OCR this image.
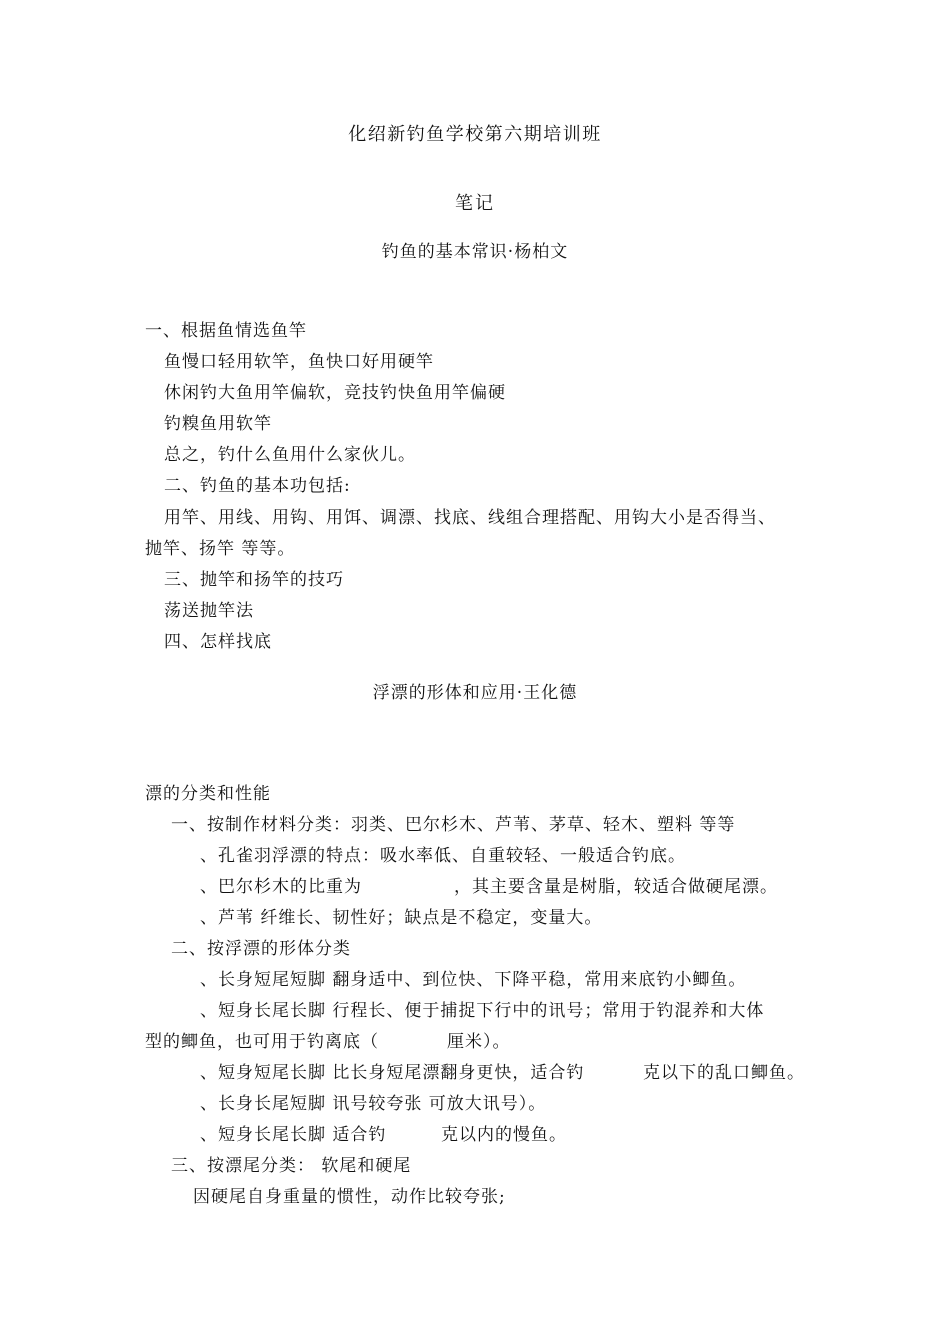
化绍新钓鱼学校第六期培训班
笔记
钓鱼的基本常识·杨柏文
一、根据鱼情选鱼竿
鱼慢口轻用软竿，鱼快口好用硬竿
休闲钓大鱼用竿偏软，竞技钓快鱼用竿偏硬
钓糗鱼用软竿
总之，钓什么鱼用什么家伙儿。
二、钓鱼的基本功包括:
用竿、用线、用钩、用饵、调漂、找底、线组合理搭配、用钩大小是否得当、
抛竿、扬竿 等等。
三、抛竿和扬竿的技巧
荡送抛竿法
四、怎样找底
浮漂的形体和应用·王化德
漂的分类和性能
一、按制作材料分类：羽类、巴尔杉木、芦苇、茅草、轻木、塑料 等等
、孔雀羽浮漂的特点：吸水率低、自重较轻、一般适合钓底。
、巴尔杉木的比重为	，其主要含量是树脂，较适合做硬尾漂。
、芦苇 纤维长、韧性好；缺点是不稳定，变量大。
二、按浮漂的形体分类
、长身短尾短脚 翻身适中、到位快、下降平稳，常用来底钓小鲫鱼。
、短身长尾长脚 行程长、便于捕捉下行中的讯号；常用于钓混养和大体
型的鲫鱼，也可用于钓离底（	厘米）。
、短身短尾长脚 比长身短尾漂翻身更快，适合钓	克以下的乱口鲫鱼。
、长身长尾短脚 讯号较夸张 可放大讯号）。
、短身长尾长脚 适合钓	克以内的慢鱼。
三、按漂尾分类： 软尾和硬尾
因硬尾自身重量的惯性，动作比较夸张;
